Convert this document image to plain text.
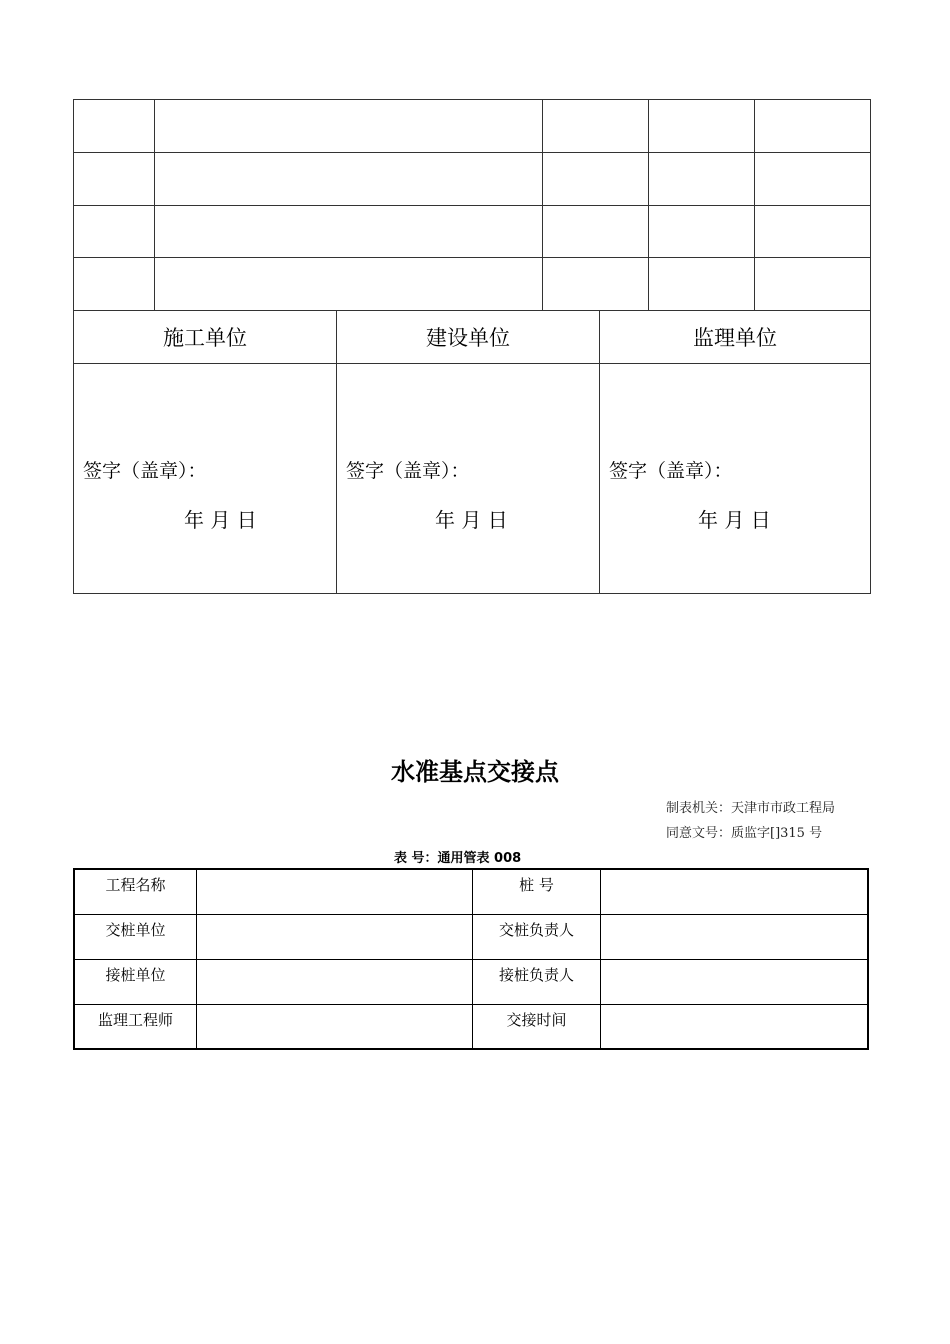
施工单位	建设单位	监理单位
签字（盖章）：
年 月 日
签字（盖章）：
年 月 日
签字（盖章）：
年 月 日
水准基点交接点
制表机关：天津市市政工程局
同意文号：质监字[]315 号
表 号：通用管表 008
工程名称	桩 号
交桩单位	交桩负责人
接桩单位	接桩负责人
监理工程师	交接时间
